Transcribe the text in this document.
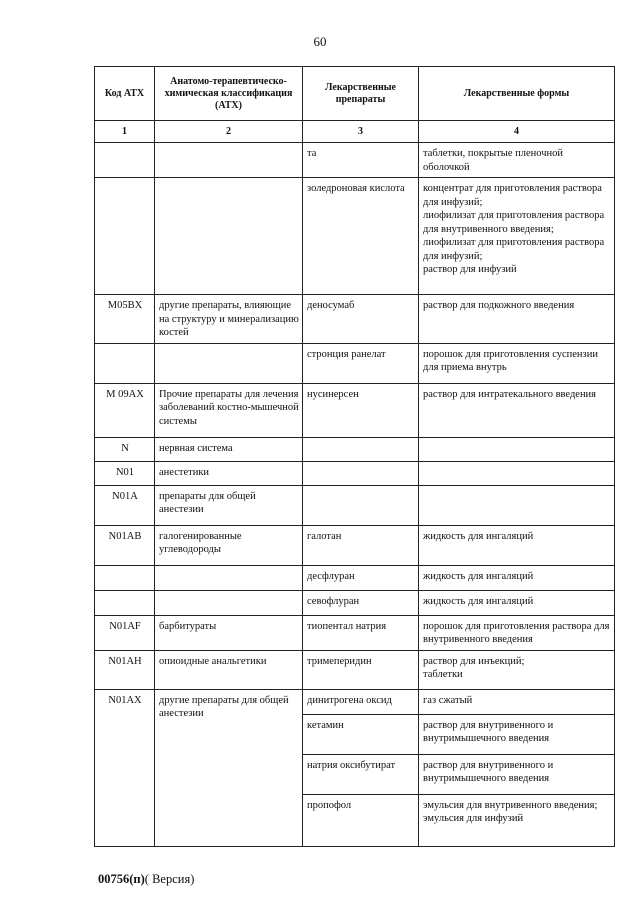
60
Код АТХ	Анатомо-терапевтическо-химическая классификация (АТХ)	Лекарственные препараты	Лекарственные формы
1	2	3	4
		та	таблетки, покрытые пленочной оболочкой
		золедроновая кислота	концентрат для приготовления раствора для инфузий;
лиофилизат для приготовления раствора для внутривенного введения;
лиофилизат для приготовления раствора для инфузий;
раствор для инфузий
M05BX	другие препараты, влияющие на структуру и минерализацию костей	деносумаб	раствор для подкожного введения
		стронция ранелат	порошок для приготовления суспензии для приема внутрь
M 09AX	Прочие препараты для лечения заболеваний костно-мышечной системы	нусинерсен	раствор для интратекального введения
N	нервная система		
N01	анестетики		
N01A	препараты для общей анестезии		
N01AB	галогенированные углеводороды	галотан	жидкость для ингаляций
		десфлуран	жидкость для ингаляций
		севофлуран	жидкость для ингаляций
N01AF	барбитураты	тиопентал натрия	порошок для приготовления раствора для внутривенного введения
N01AH	опиоидные анальгетики	тримеперидин	раствор для инъекций;
таблетки
N01AX	другие препараты для общей анестезии	динитрогена оксид	газ сжатый
		кетамин	раствор для внутривенного и внутримышечного введения
		натрия оксибутират	раствор для внутривенного и внутримышечного введения
		пропофол	эмульсия для внутривенного введения;
эмульсия для инфузий
00756(п)( Версия)
